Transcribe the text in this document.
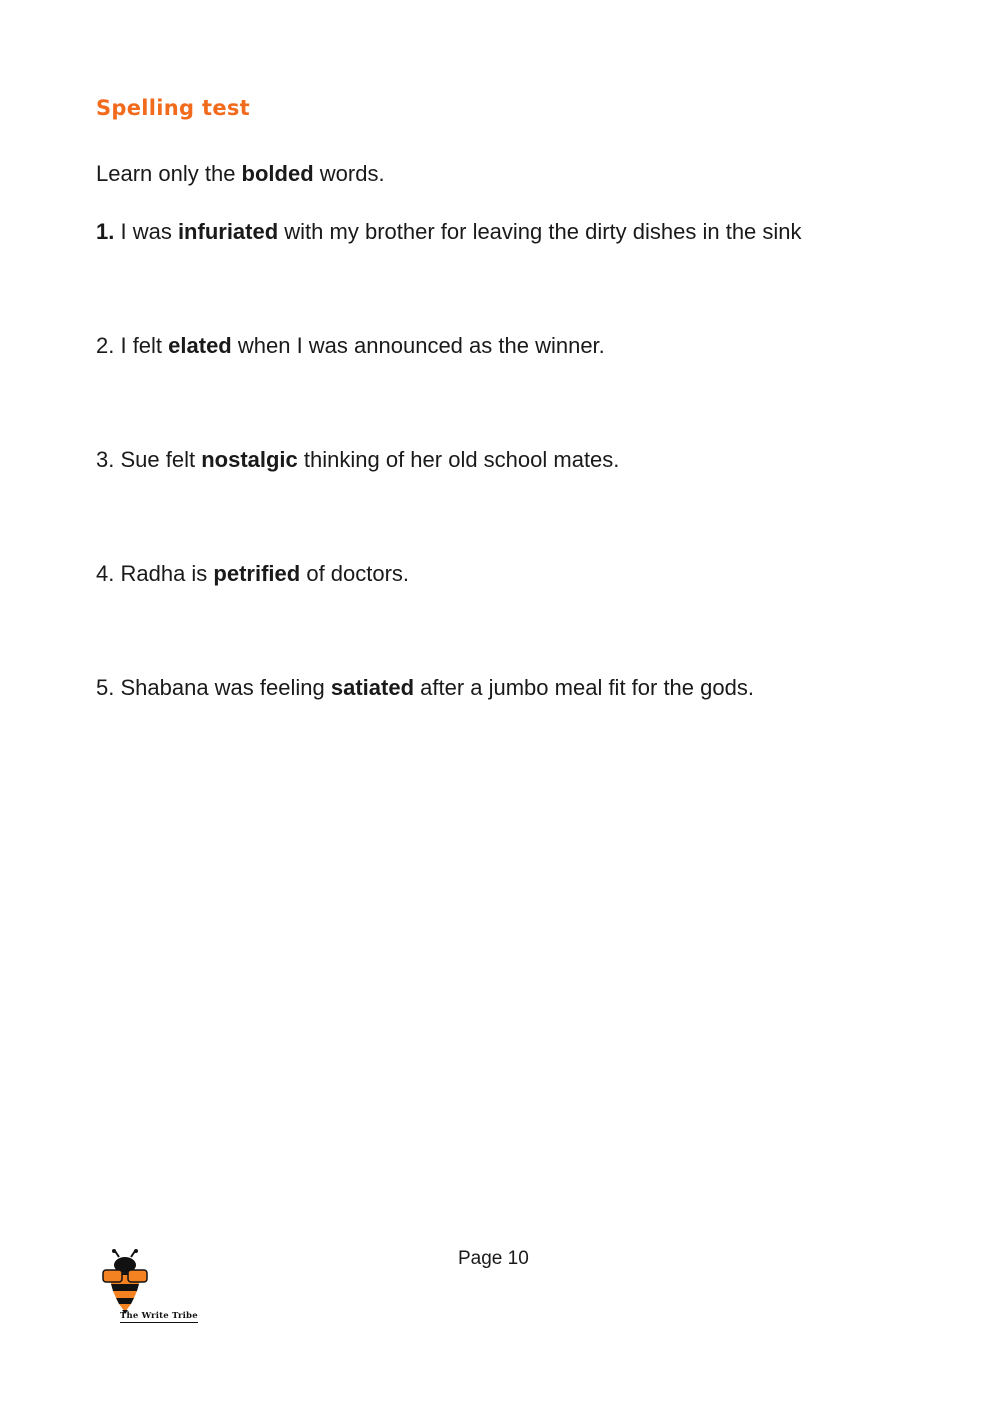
Spelling test

Learn only the bolded words.

1. I was infuriated with my brother for leaving the dirty dishes in the sink

2. I felt elated when I was announced as the winner.

3. Sue felt nostalgic thinking of her old school mates.

4. Radha is petrified of doctors.

5. Shabana was feeling satiated after a jumbo meal fit for the gods.

The Write Tribe

Page 10
